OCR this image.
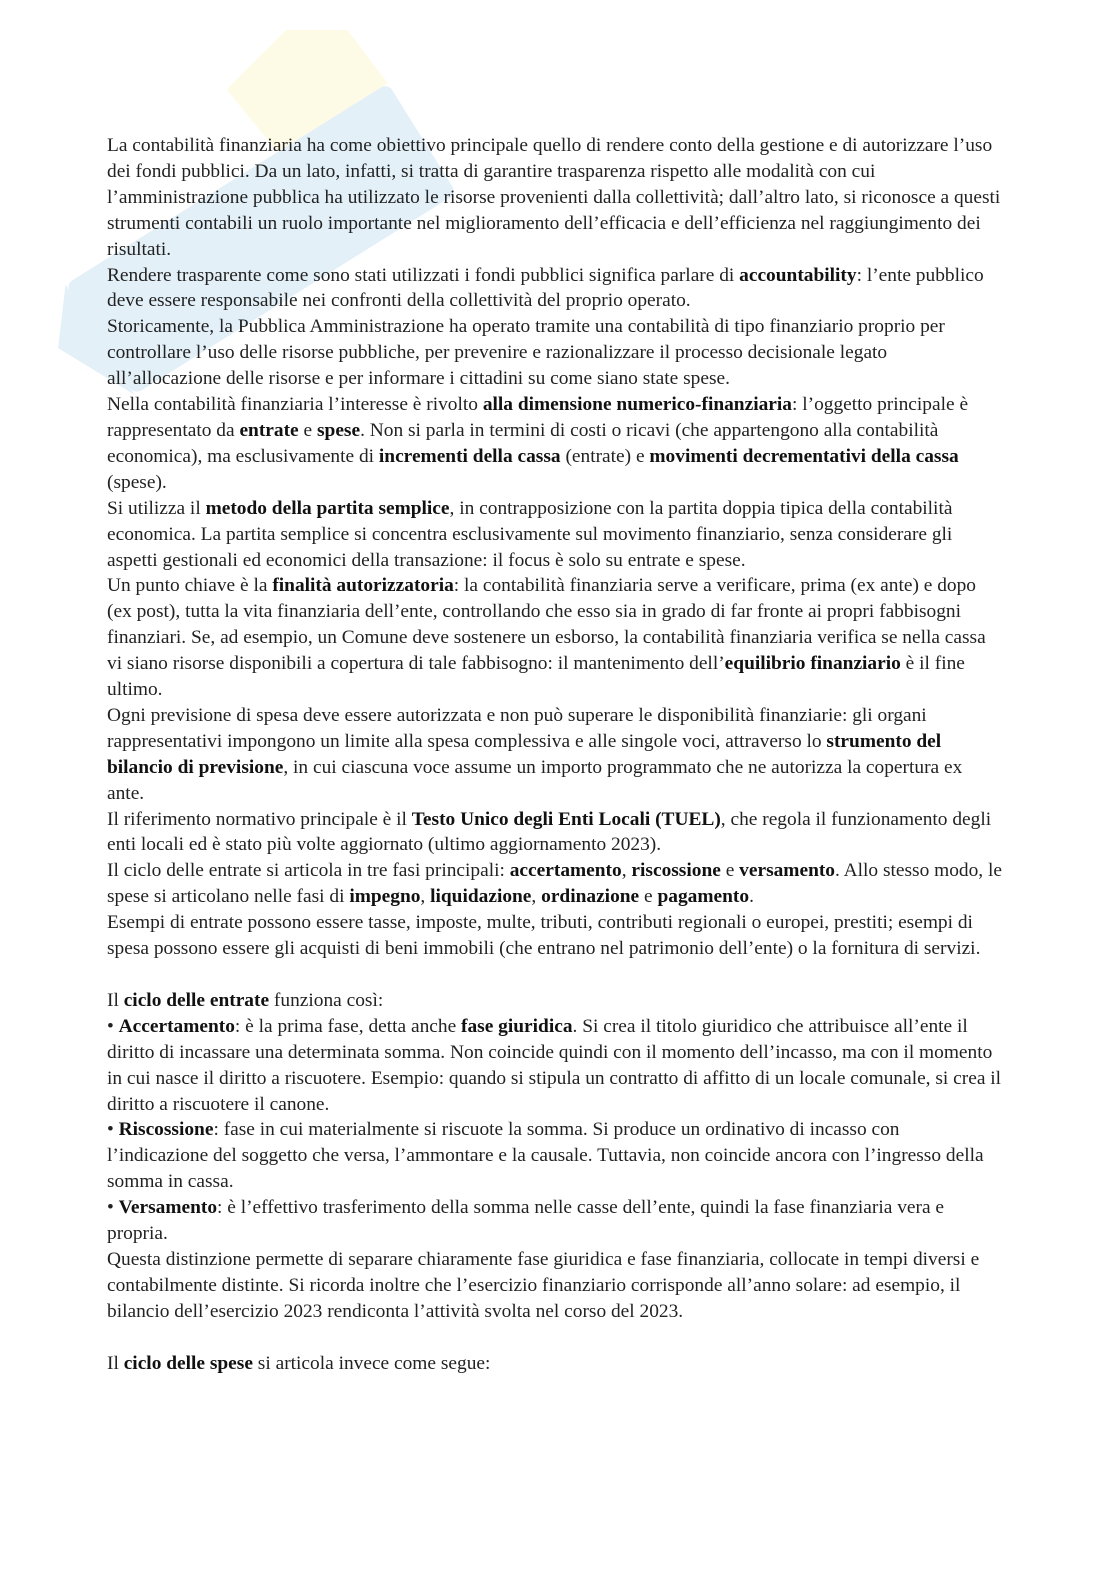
La contabilità finanziaria ha come obiettivo principale quello di rendere conto della gestione e di autorizzare l’uso dei fondi pubblici. Da un lato, infatti, si tratta di garantire trasparenza rispetto alle modalità con cui l’amministrazione pubblica ha utilizzato le risorse provenienti dalla collettività; dall’altro lato, si riconosce a questi strumenti contabili un ruolo importante nel miglioramento dell’efficacia e dell’efficienza nel raggiungimento dei risultati.

Rendere trasparente come sono stati utilizzati i fondi pubblici significa parlare di accountability: l’ente pubblico deve essere responsabile nei confronti della collettività del proprio operato.

Storicamente, la Pubblica Amministrazione ha operato tramite una contabilità di tipo finanziario proprio per controllare l’uso delle risorse pubbliche, per prevenire e razionalizzare il processo decisionale legato all’allocazione delle risorse e per informare i cittadini su come siano state spese.

Nella contabilità finanziaria l’interesse è rivolto alla dimensione numerico-finanziaria: l’oggetto principale è rappresentato da entrate e spese. Non si parla in termini di costi o ricavi (che appartengono alla contabilità economica), ma esclusivamente di incrementi della cassa (entrate) e movimenti decrementativi della cassa (spese).

Si utilizza il metodo della partita semplice, in contrapposizione con la partita doppia tipica della contabilità economica. La partita semplice si concentra esclusivamente sul movimento finanziario, senza considerare gli aspetti gestionali ed economici della transazione: il focus è solo su entrate e spese.

Un punto chiave è la finalità autorizzatoria: la contabilità finanziaria serve a verificare, prima (ex ante) e dopo (ex post), tutta la vita finanziaria dell’ente, controllando che esso sia in grado di far fronte ai propri fabbisogni finanziari. Se, ad esempio, un Comune deve sostenere un esborso, la contabilità finanziaria verifica se nella cassa vi siano risorse disponibili a copertura di tale fabbisogno: il mantenimento dell’equilibrio finanziario è il fine ultimo.

Ogni previsione di spesa deve essere autorizzata e non può superare le disponibilità finanziarie: gli organi rappresentativi impongono un limite alla spesa complessiva e alle singole voci, attraverso lo strumento del bilancio di previsione, in cui ciascuna voce assume un importo programmato che ne autorizza la copertura ex ante.

Il riferimento normativo principale è il Testo Unico degli Enti Locali (TUEL), che regola il funzionamento degli enti locali ed è stato più volte aggiornato (ultimo aggiornamento 2023).

Il ciclo delle entrate si articola in tre fasi principali: accertamento, riscossione e versamento. Allo stesso modo, le spese si articolano nelle fasi di impegno, liquidazione, ordinazione e pagamento.

Esempi di entrate possono essere tasse, imposte, multe, tributi, contributi regionali o europei, prestiti; esempi di spesa possono essere gli acquisti di beni immobili (che entrano nel patrimonio dell’ente) o la fornitura di servizi.

Il ciclo delle entrate funziona così:

• Accertamento: è la prima fase, detta anche fase giuridica. Si crea il titolo giuridico che attribuisce all’ente il diritto di incassare una determinata somma. Non coincide quindi con il momento dell’incasso, ma con il momento in cui nasce il diritto a riscuotere. Esempio: quando si stipula un contratto di affitto di un locale comunale, si crea il diritto a riscuotere il canone.

• Riscossione: fase in cui materialmente si riscuote la somma. Si produce un ordinativo di incasso con l’indicazione del soggetto che versa, l’ammontare e la causale. Tuttavia, non coincide ancora con l’ingresso della somma in cassa.

• Versamento: è l’effettivo trasferimento della somma nelle casse dell’ente, quindi la fase finanziaria vera e propria.

Questa distinzione permette di separare chiaramente fase giuridica e fase finanziaria, collocate in tempi diversi e contabilmente distinte. Si ricorda inoltre che l’esercizio finanziario corrisponde all’anno solare: ad esempio, il bilancio dell’esercizio 2023 rendiconta l’attività svolta nel corso del 2023.

Il ciclo delle spese si articola invece come segue:
